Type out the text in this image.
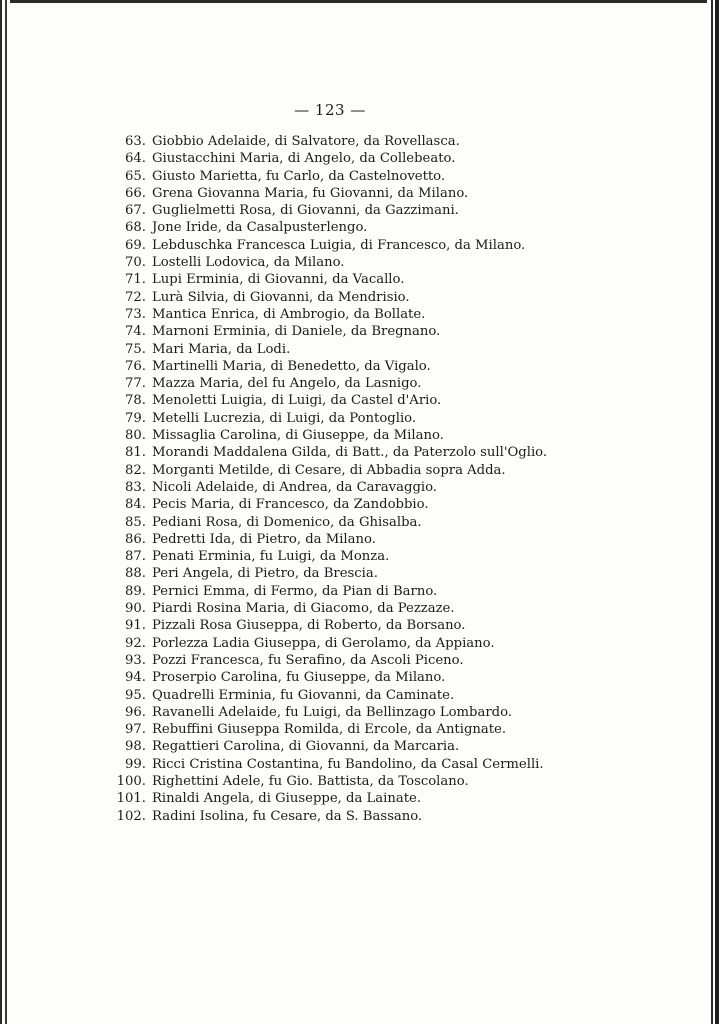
— 123 —
63. Giobbio Adelaide, di Salvatore, da Rovellasca.
64. Giustacchini Maria, di Angelo, da Collebeato.
65. Giusto Marietta, fu Carlo, da Castelnovetto.
66. Grena Giovanna Maria, fu Giovanni, da Milano.
67. Guglielmetti Rosa, di Giovanni, da Gazzimani.
68. Jone Iride, da Casalpusterlengo.
69. Lebduschka Francesca Luigia, di Francesco, da Milano.
70. Lostelli Lodovica, da Milano.
71. Lupi Erminia, di Giovanni, da Vacallo.
72. Lurà Silvia, di Giovanni, da Mendrisio.
73. Mantica Enrica, di Ambrogio, da Bollate.
74. Marnoni Erminia, di Daniele, da Bregnano.
75. Mari Maria, da Lodi.
76. Martinelli Maria, di Benedetto, da Vigalo.
77. Mazza Maria, del fu Angelo, da Lasnigo.
78. Menoletti Luigia, di Luigi, da Castel d'Ario.
79. Metelli Lucrezia, di Luigi, da Pontoglio.
80. Missaglia Carolina, di Giuseppe, da Milano.
81. Morandi Maddalena Gilda, di Batt., da Paterzolo sull'Oglio.
82. Morganti Metilde, di Cesare, di Abbadia sopra Adda.
83. Nicoli Adelaide, di Andrea, da Caravaggio.
84. Pecis Maria, di Francesco, da Zandobbio.
85. Pediani Rosa, di Domenico, da Ghisalba.
86. Pedretti Ida, di Pietro, da Milano.
87. Penati Erminia, fu Luigi, da Monza.
88. Peri Angela, di Pietro, da Brescia.
89. Pernici Emma, di Fermo, da Pian di Barno.
90. Piardi Rosina Maria, di Giacomo, da Pezzaze.
91. Pizzali Rosa Giuseppa, di Roberto, da Borsano.
92. Porlezza Ladia Giuseppa, di Gerolamo, da Appiano.
93. Pozzi Francesca, fu Serafino, da Ascoli Piceno.
94. Proserpio Carolina, fu Giuseppe, da Milano.
95. Quadrelli Erminia, fu Giovanni, da Caminate.
96. Ravanelli Adelaide, fu Luigi, da Bellinzago Lombardo.
97. Rebuffini Giuseppa Romilda, di Ercole, da Antignate.
98. Regattieri Carolina, di Giovanni, da Marcaria.
99. Ricci Cristina Costantina, fu Bandolino, da Casal Cermelli.
100. Righettini Adele, fu Gio. Battista, da Toscolano.
101. Rinaldi Angela, di Giuseppe, da Lainate.
102. Radini Isolina, fu Cesare, da S. Bassano.
